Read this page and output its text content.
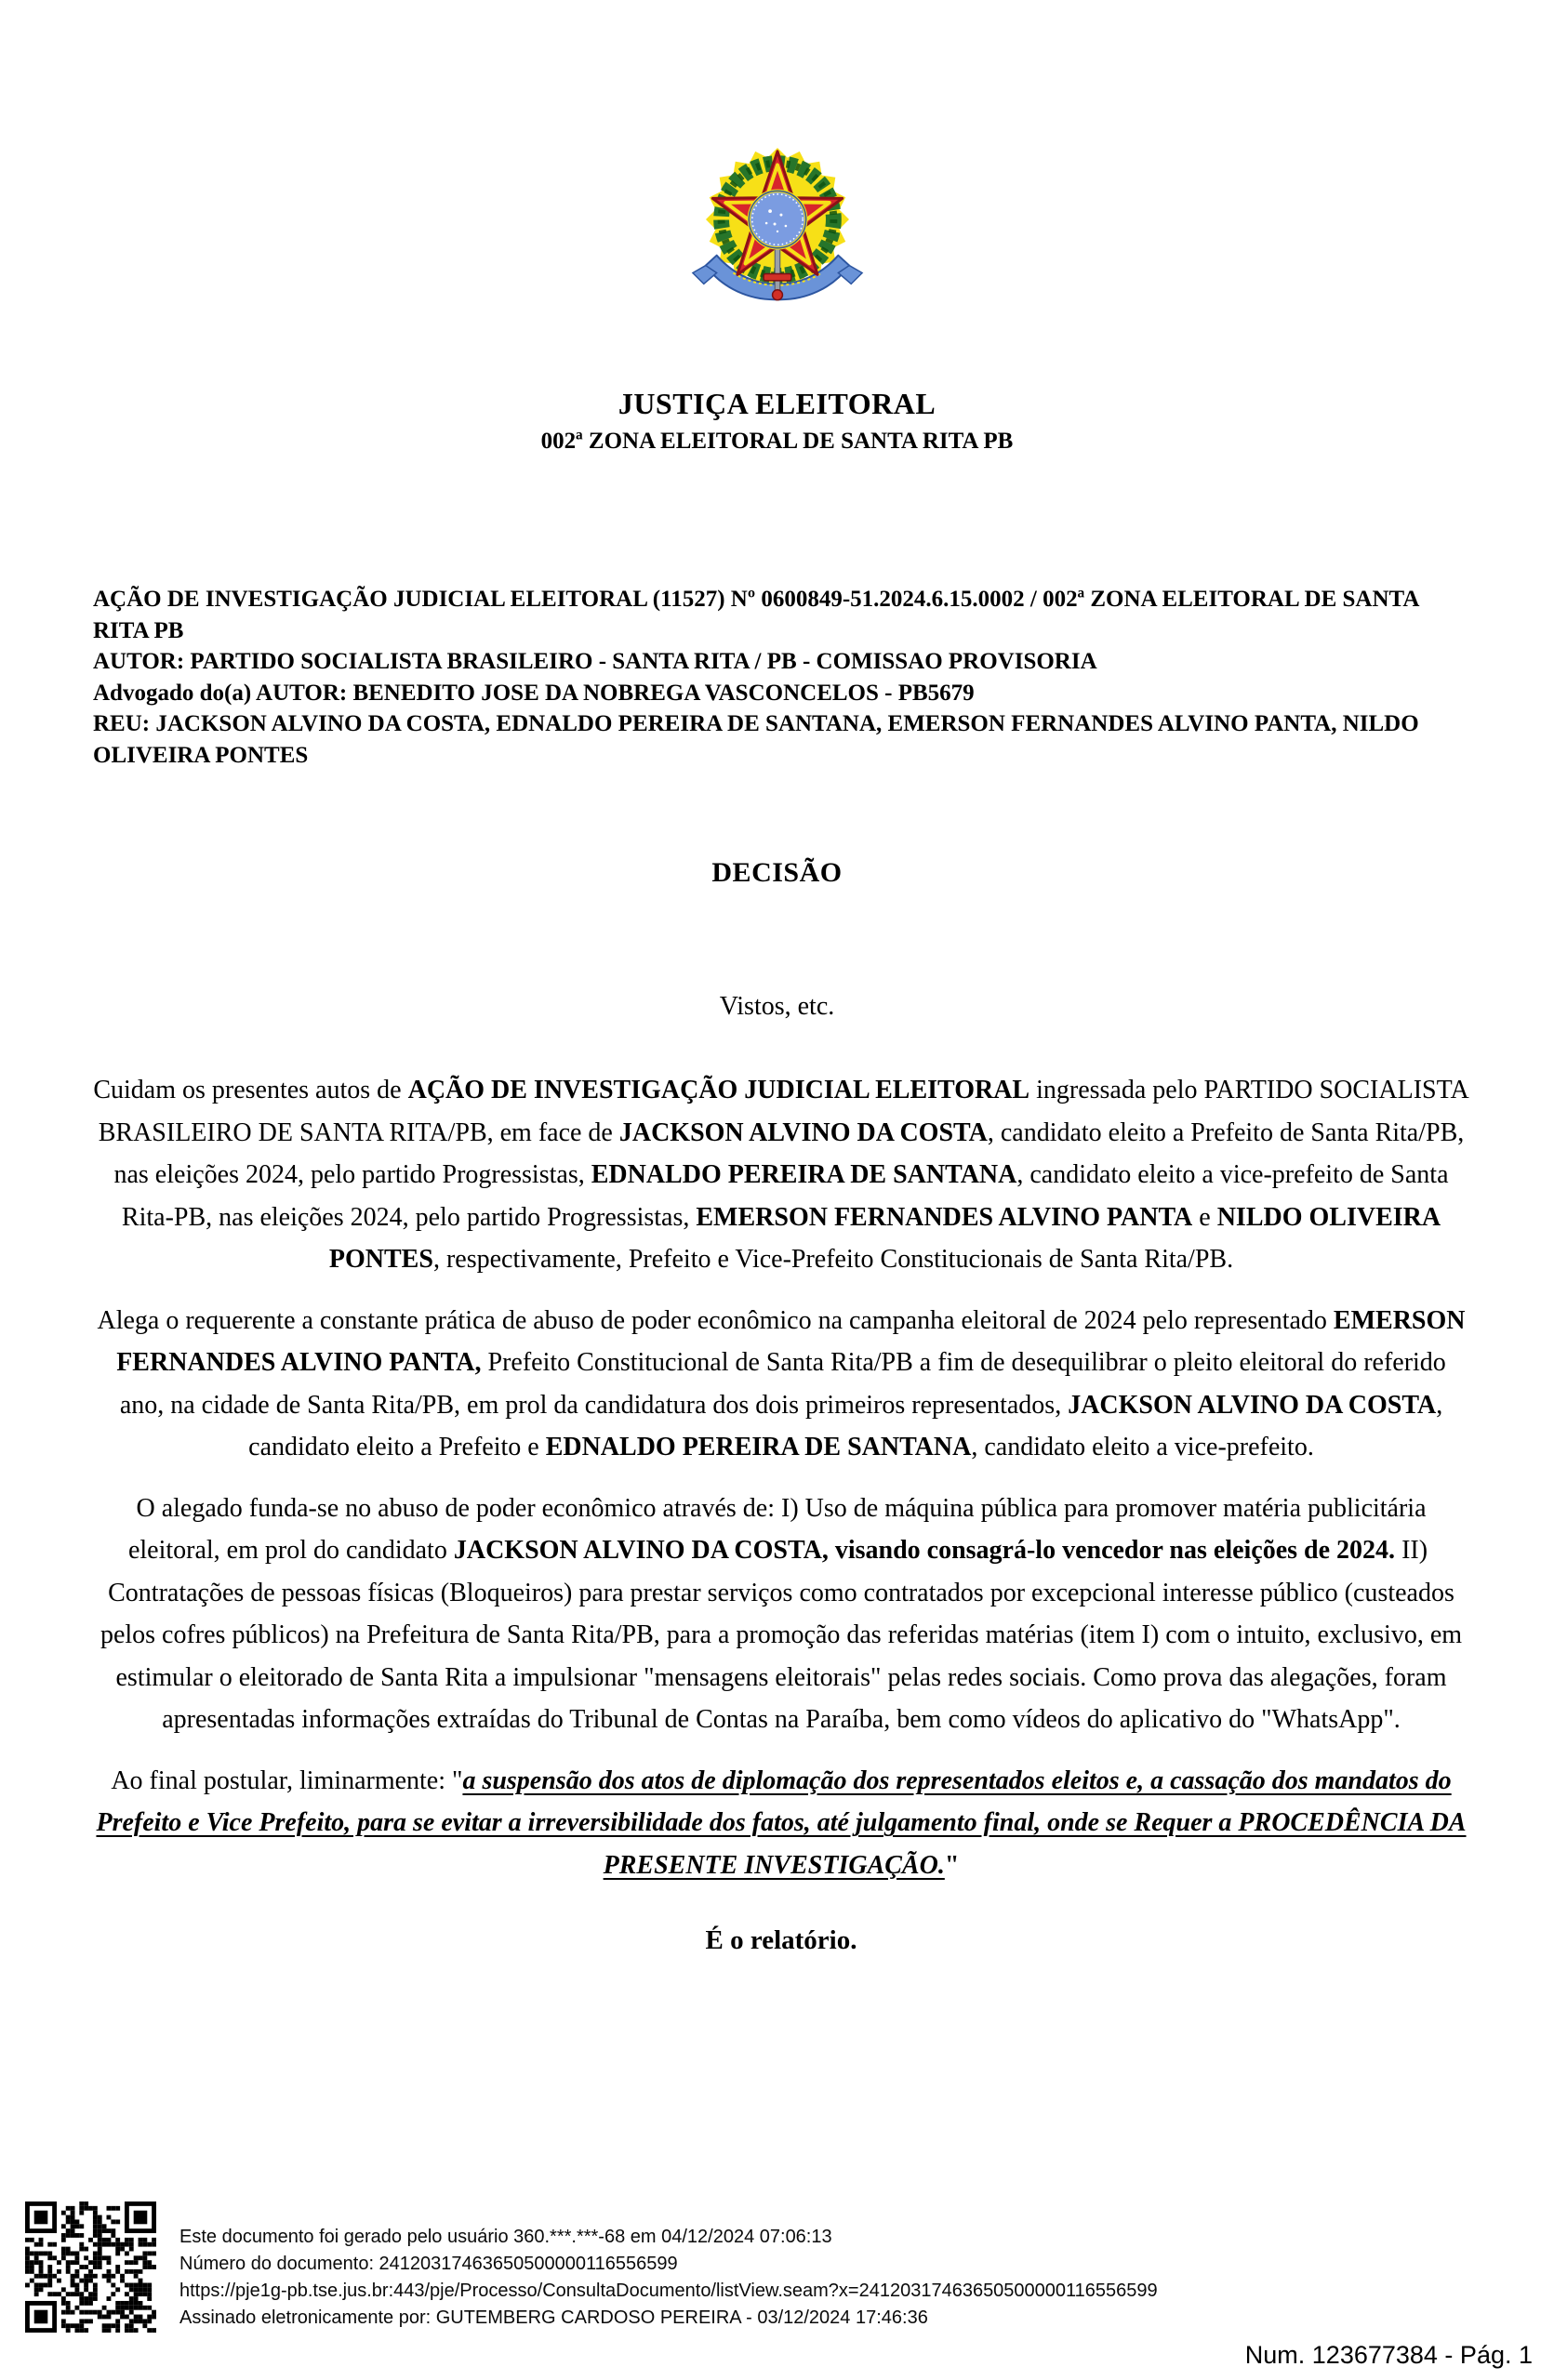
JUSTIÇA ELEITORAL
002ª ZONA ELEITORAL DE SANTA RITA PB
AÇÃO DE INVESTIGAÇÃO JUDICIAL ELEITORAL (11527) Nº 0600849-51.2024.6.15.0002 / 002ª ZONA ELEITORAL DE SANTA RITA PB
AUTOR: PARTIDO SOCIALISTA BRASILEIRO - SANTA RITA / PB - COMISSAO PROVISORIA
Advogado do(a) AUTOR: BENEDITO JOSE DA NOBREGA VASCONCELOS - PB5679
REU: JACKSON ALVINO DA COSTA, EDNALDO PEREIRA DE SANTANA, EMERSON FERNANDES ALVINO PANTA, NILDO OLIVEIRA PONTES
DECISÃO
Vistos, etc.

Cuidam os presentes autos de AÇÃO DE INVESTIGAÇÃO JUDICIAL ELEITORAL ingressada pelo PARTIDO SOCIALISTA BRASILEIRO DE SANTA RITA/PB, em face de JACKSON ALVINO DA COSTA, candidato eleito a Prefeito de Santa Rita/PB, nas eleições 2024, pelo partido Progressistas, EDNALDO PEREIRA DE SANTANA, candidato eleito a vice-prefeito de Santa Rita-PB, nas eleições 2024, pelo partido Progressistas, EMERSON FERNANDES ALVINO PANTA e NILDO OLIVEIRA PONTES, respectivamente, Prefeito e Vice-Prefeito Constitucionais de Santa Rita/PB.

Alega o requerente a constante prática de abuso de poder econômico na campanha eleitoral de 2024 pelo representado EMERSON FERNANDES ALVINO PANTA, Prefeito Constitucional de Santa Rita/PB a fim de desequilibrar o pleito eleitoral do referido ano, na cidade de Santa Rita/PB, em prol da candidatura dos dois primeiros representados, JACKSON ALVINO DA COSTA, candidato eleito a Prefeito e EDNALDO PEREIRA DE SANTANA, candidato eleito a vice-prefeito.

O alegado funda-se no abuso de poder econômico através de: I) Uso de máquina pública para promover matéria publicitária eleitoral, em prol do candidato JACKSON ALVINO DA COSTA, visando consagrá-lo vencedor nas eleições de 2024. II)  Contratações de pessoas físicas (Bloqueiros) para prestar serviços como contratados por excepcional interesse público (custeados pelos cofres públicos) na Prefeitura de Santa Rita/PB, para a promoção das referidas matérias (item I) com o intuito, exclusivo, em estimular o eleitorado de Santa Rita a impulsionar "mensagens eleitorais" pelas redes sociais. Como prova das alegações, foram apresentadas informações extraídas do Tribunal de Contas na Paraíba, bem como vídeos do aplicativo do "WhatsApp".

Ao final postular, liminarmente: "a suspensão dos atos de diplomação dos representados eleitos e, a cassação dos mandatos do Prefeito e Vice Prefeito, para se evitar a irreversibilidade dos fatos, até julgamento final, onde se Requer a PROCEDÊNCIA DA PRESENTE INVESTIGAÇÃO."

É o relatório.
Este documento foi gerado pelo usuário 360.***.***-68 em 04/12/2024 07:06:13
Número do documento: 24120317463650500000116556599
https://pje1g-pb.tse.jus.br:443/pje/Processo/ConsultaDocumento/listView.seam?x=24120317463650500000116556599
Assinado eletronicamente por: GUTEMBERG CARDOSO PEREIRA - 03/12/2024 17:46:36
Num. 123677384 - Pág. 1
